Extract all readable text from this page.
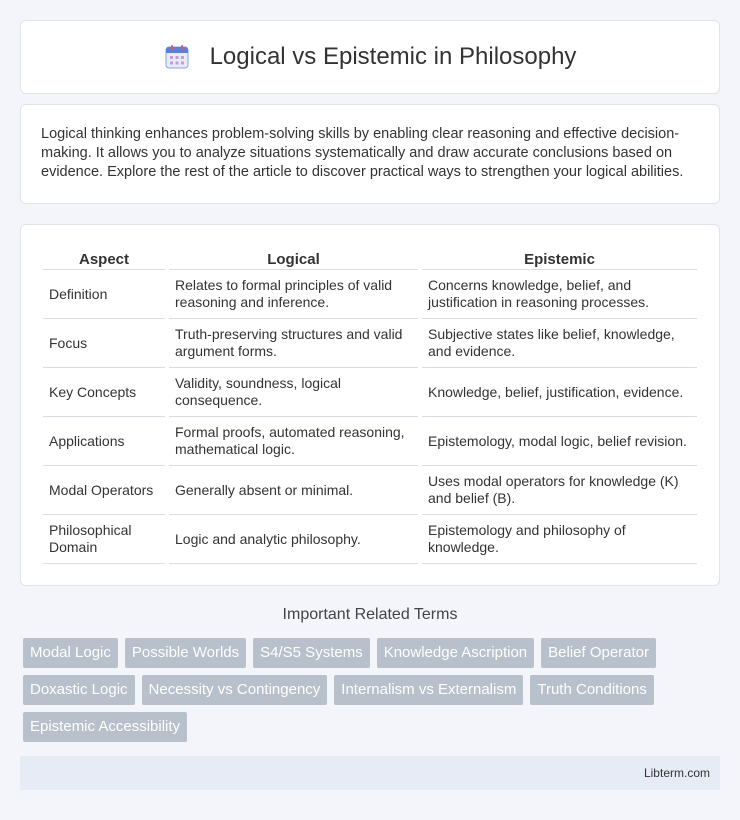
Logical vs Epistemic in Philosophy

Logical thinking enhances problem-solving skills by enabling clear reasoning and effective decision-making. It allows you to analyze situations systematically and draw accurate conclusions based on evidence. Explore the rest of the article to discover practical ways to strengthen your logical abilities.

Aspect	Logical	Epistemic
Definition	Relates to formal principles of valid reasoning and inference.	Concerns knowledge, belief, and justification in reasoning processes.
Focus	Truth-preserving structures and valid argument forms.	Subjective states like belief, knowledge, and evidence.
Key Concepts	Validity, soundness, logical consequence.	Knowledge, belief, justification, evidence.
Applications	Formal proofs, automated reasoning, mathematical logic.	Epistemology, modal logic, belief revision.
Modal Operators	Generally absent or minimal.	Uses modal operators for knowledge (K) and belief (B).
Philosophical Domain	Logic and analytic philosophy.	Epistemology and philosophy of knowledge.
Important Related Terms
Modal Logic	Possible Worlds	S4/S5 Systems	Knowledge Ascription	Belief Operator
Doxastic Logic	Necessity vs Contingency	Internalism vs Externalism	Truth Conditions
Epistemic Accessibility
Libterm.com
